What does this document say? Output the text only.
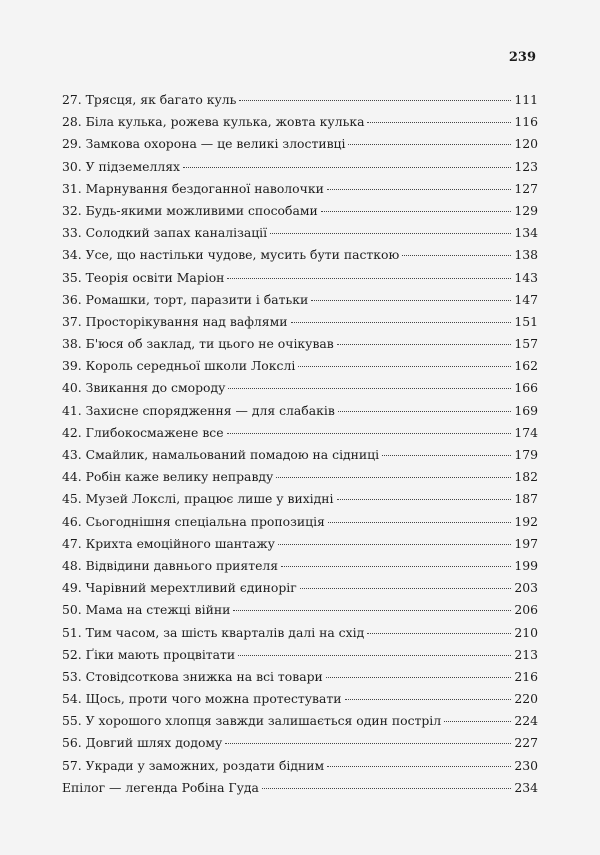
239
27. Трясця, як багато куль	111
28. Біла кулька, рожева кулька, жовта кулька	116
29. Замкова охорона — це великі злостивці	120
30. У підземеллях	123
31. Марнування бездоганної наволочки	127
32. Будь-якими можливими способами	129
33. Солодкий запах каналізації	134
34. Усе, що настільки чудове, мусить бути пасткою	138
35. Теорія освіти Маріон	143
36. Ромашки, торт, паразити і батьки	147
37. Просторікування над вафлями	151
38. Б'юся об заклад, ти цього не очікував	157
39. Король середньої школи Локслі	162
40. Звикання до смороду	166
41. Захисне спорядження — для слабаків	169
42. Глибокосмажене все	174
43. Смайлик, намальований помадою на сідниці	179
44. Робін каже велику неправду	182
45. Музей Локслі, працює лише у вихідні	187
46. Сьогоднішня спеціальна пропозиція	192
47. Крихта емоційного шантажу	197
48. Відвідини давнього приятеля	199
49. Чарівний мерехтливий єдиноріг	203
50. Мама на стежці війни	206
51. Тим часом, за шість кварталів далі на схід	210
52. Ґіки мають процвітати	213
53. Стовідсоткова знижка на всі товари	216
54. Щось, проти чого можна протестувати	220
55. У хорошого хлопця завжди залишається один постріл	224
56. Довгий шлях додому	227
57. Укради у заможних, роздати бідним	230
Епілог — легенда Робіна Гуда	234
